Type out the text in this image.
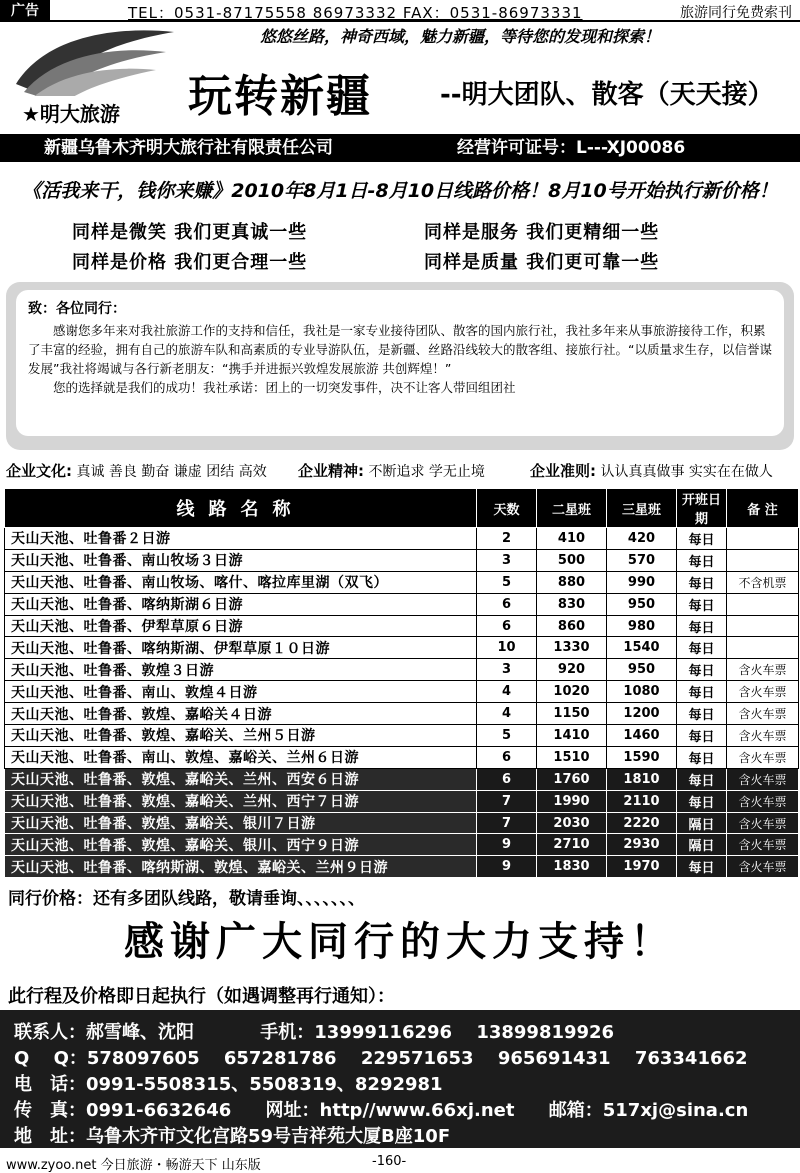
广告	TEL：0531-87175558 86973332 FAX：0531-86973331	旅游同行免费索刊
★明大旅游
悠悠丝路，神奇西域，魅力新疆，等待您的发现和探索！
玩转新疆	--明大团队、散客（天天接）
新疆乌鲁木齐明大旅行社有限责任公司	经营许可证号：L---XJ00086
《活我来干，钱你来赚》2010年8月1日-8月10日线路价格！8月10号开始执行新价格！
同样是微笑 我们更真诚一些	同样是服务 我们更精细一些
同样是价格 我们更合理一些	同样是质量 我们更可靠一些
致：各位同行：

感谢您多年来对我社旅游工作的支持和信任，我社是一家专业接待团队、散客的国内旅行社，我社多年来从事旅游接待工作，积累了丰富的经验，拥有自己的旅游车队和高素质的专业导游队伍，是新疆、丝路沿线较大的散客组、接旅行社。“以质量求生存，以信誉谋发展”我社将竭诚与各行新老朋友：“携手并进振兴敦煌发展旅游 共创辉煌！”

您的选择就是我们的成功！我社承诺：团上的一切突发事件，决不让客人带回组团社

企业文化: 真诚 善良 勤奋 谦虚 团结 高效 企业精神: 不断追求 学无止境	企业准则: 认认真真做事 实实在在做人
线路名称	天数	二星班	三星班	开班日期	备 注
天山天池、吐鲁番２日游	2	410	420	每日	
天山天池、吐鲁番、南山牧场３日游	3	500	570	每日	
天山天池、吐鲁番、南山牧场、喀什、喀拉库里湖（双飞）	5	880	990	每日	不含机票
天山天池、吐鲁番、喀纳斯湖６日游	6	830	950	每日	
天山天池、吐鲁番、伊犁草原６日游	6	860	980	每日	
天山天池、吐鲁番、喀纳斯湖、伊犁草原１０日游	10	1330	1540	每日	
天山天池、吐鲁番、敦煌３日游	3	920	950	每日	含火车票
天山天池、吐鲁番、南山、敦煌４日游	4	1020	1080	每日	含火车票
天山天池、吐鲁番、敦煌、嘉峪关４日游	4	1150	1200	每日	含火车票
天山天池、吐鲁番、敦煌、嘉峪关、兰州５日游	5	1410	1460	每日	含火车票
天山天池、吐鲁番、南山、敦煌、嘉峪关、兰州６日游	6	1510	1590	每日	含火车票
天山天池、吐鲁番、敦煌、嘉峪关、兰州、西安６日游	6	1760	1810	每日	含火车票
天山天池、吐鲁番、敦煌、嘉峪关、兰州、西宁７日游	7	1990	2110	每日	含火车票
天山天池、吐鲁番、敦煌、嘉峪关、银川７日游	7	2030	2220	隔日	含火车票
天山天池、吐鲁番、敦煌、嘉峪关、银川、西宁９日游	9	2710	2930	隔日	含火车票
天山天池、吐鲁番、喀纳斯湖、敦煌、嘉峪关、兰州９日游	9	1830	1970	每日	含火车票
同行价格：还有多团队线路，敬请垂询、、、、、、、
感谢广大同行的大力支持！
此行程及价格即日起执行（如遇调整再行通知）：
联系人：郝雪峰、沈阳	手机：13999116296　 13899819926
Q　 Q：578097605　 657281786　 229571653　 965691431　 763341662
电　话：0991-5508315、5508319、8292981
传　真：0991-6632646 网址：http//www.66xj.net 邮箱：517xj@sina.cn
地　址：乌鲁木齐市文化宫路59号吉祥苑大厦B座10F
www.zyoo.net 今日旅游・畅游天下 山东版	-160-
